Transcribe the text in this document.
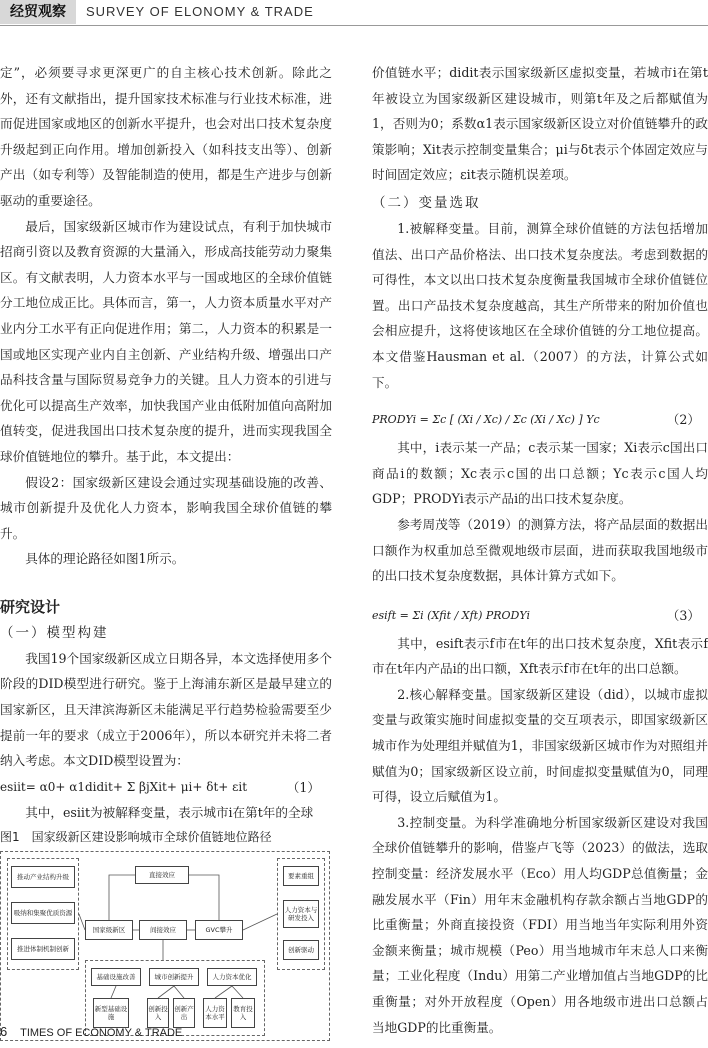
经贸观察	SURVEY OF ELONOMY & TRADE

定”，必须要寻求更深更广的自主核心技术创新。除此之外，还有文献指出，提升国家技术标准与行业技术标准，进而促进国家或地区的创新水平提升，也会对出口技术复杂度升级起到正向作用。增加创新投入（如科技支出等）、创新产出（如专利等）及智能制造的使用，都是生产进步与创新驱动的重要途径。

最后，国家级新区城市作为建设试点，有利于加快城市招商引资以及教育资源的大量涌入，形成高技能劳动力聚集区。有文献表明，人力资本水平与一国或地区的全球价值链分工地位成正比。具体而言，第一，人力资本质量水平对产业内分工水平有正向促进作用；第二，人力资本的积累是一国或地区实现产业内自主创新、产业结构升级、增强出口产品科技含量与国际贸易竞争力的关键。且人力资本的引进与优化可以提高生产效率，加快我国产业由低附加值向高附加值转变，促进我国出口技术复杂度的提升，进而实现我国全球价值链地位的攀升。基于此，本文提出：

假设2：国家级新区建设会通过实现基础设施的改善、城市创新提升及优化人力资本，影响我国全球价值链的攀升。

具体的理论路径如图1所示。

研究设计

（一）模型构建

我国19个国家级新区成立日期各异，本文选择使用多个阶段的DID模型进行研究。鉴于上海浦东新区是最早建立的国家新区，且天津滨海新区未能满足平行趋势检验需要至少提前一年的要求（成立于2006年），所以本研究并未将二者纳入考虑。本文DID模型设置为：

esiit= α0+ α1didit+ Σ βjXit+ μi+ δt+ εit	（1）

其中，esiit为被解释变量，表示城市i在第t年的全球

图1　国家级新区建设影响城市全球价值链地位路径

推动产业结构升级
吸纳和集聚优质资源
推进体制机制创新
直接效应
国家级新区	间接效应	GVC攀升
要素重组
人力资本与研发投入
创新驱动
基础设施改善	城市创新提升	人力资本优化
新型基础设施
创新投入
创新产出
人力资本水平
教育投入

价值链水平；didit表示国家级新区虚拟变量，若城市i在第t年被设立为国家级新区建设城市，则第t年及之后都赋值为1，否则为0；系数α1表示国家级新区设立对价值链攀升的政策影响；Xit表示控制变量集合；μi与δt表示个体固定效应与时间固定效应；εit表示随机误差项。

（二）变量选取

1.被解释变量。目前，测算全球价值链的方法包括增加值法、出口产品价格法、出口技术复杂度法。考虑到数据的可得性，本文以出口技术复杂度衡量我国城市全球价值链位置。出口产品技术复杂度越高，其生产所带来的附加价值也会相应提升，这将使该地区在全球价值链的分工地位提高。本文借鉴Hausman et al.（2007）的方法，计算公式如下。

PRODYi = Σc [ (Xi / Xc) / Σc (Xi / Xc) ] Yc	（2）

其中，i表示某一产品；c表示某一国家；Xi表示c国出口商品i的数额；Xc表示c国的出口总额；Yc表示c国人均GDP；PRODYi表示产品i的出口技术复杂度。

参考周茂等（2019）的测算方法，将产品层面的数据出口额作为权重加总至微观地级市层面，进而获取我国地级市的出口技术复杂度数据，具体计算方式如下。

esift = Σi (Xfit / Xft) PRODYi	（3）

其中，esift表示f市在t年的出口技术复杂度，Xfit表示f市在t年内产品i的出口额，Xft表示f市在t年的出口总额。

2.核心解释变量。国家级新区建设（did），以城市虚拟变量与政策实施时间虚拟变量的交互项表示，即国家级新区城市作为处理组并赋值为1，非国家级新区城市作为对照组并赋值为0；国家级新区设立前，时间虚拟变量赋值为0，同理可得，设立后赋值为1。

3.控制变量。为科学准确地分析国家级新区建设对我国全球价值链攀升的影响，借鉴卢飞等（2023）的做法，选取控制变量：经济发展水平（Eco）用人均GDP总值衡量；金融发展水平（Fin）用年末金融机构存款余额占当地GDP的比重衡量；外商直接投资（FDI）用当地当年实际利用外资金额来衡量；城市规模（Peo）用当地城市年末总人口来衡量；工业化程度（Indu）用第二产业增加值占当地GDP的比重衡量；对外开放程度（Open）用各地级市进出口总额占当地GDP的比重衡量。

6 TIMES OF ECONOMY & TRADE
